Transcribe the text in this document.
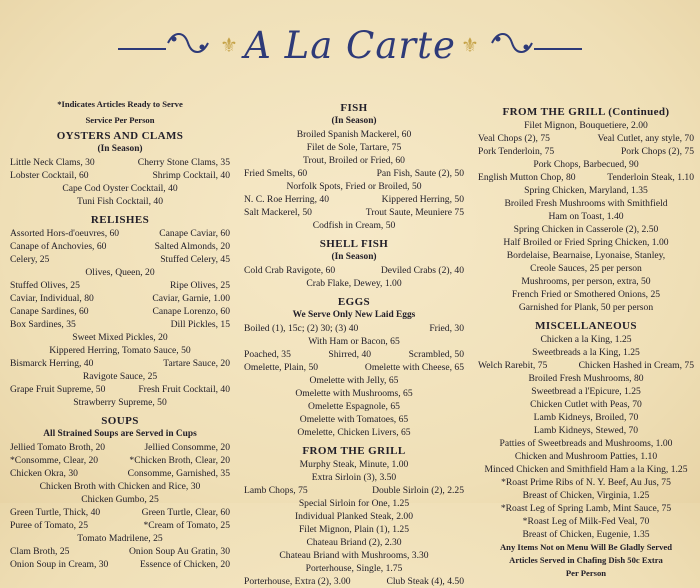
⚜ A La Carte ⚜
*Indicates Articles Ready to Serve
Service Per Person
OYSTERS AND CLAMS
(In Season)
Little Neck Clams, 30	Cherry Stone Clams, 35
Lobster Cocktail, 60	Shrimp Cocktail, 40
Cape Cod Oyster Cocktail, 40
Tuni Fish Cocktail, 40
RELISHES
Assorted Hors-d'oeuvres, 60	Canape Caviar, 60
Canape of Anchovies, 60	Salted Almonds, 20
Celery, 25	Stuffed Celery, 45
Olives, Queen, 20
Stuffed Olives, 25	Ripe Olives, 25
Caviar, Individual, 80	Caviar, Garnie, 1.00
Canape Sardines, 60	Canape Lorenzo, 60
Box Sardines, 35	Dill Pickles, 15
Sweet Mixed Pickles, 20
Kippered Herring, Tomato Sauce, 50
Bismarck Herring, 40	Tartare Sauce, 20
Ravigote Sauce, 25
Grape Fruit Supreme, 50	Fresh Fruit Cocktail, 40
Strawberry Supreme, 50
SOUPS
All Strained Soups are Served in Cups
Jellied Tomato Broth, 20	Jellied Consomme, 20
*Consomme, Clear, 20	*Chicken Broth, Clear, 20
Chicken Okra, 30	Consomme, Garnished, 35
Chicken Broth with Chicken and Rice, 30
Chicken Gumbo, 25
Green Turtle, Thick, 40	Green Turtle, Clear, 60
Puree of Tomato, 25	*Cream of Tomato, 25
Tomato Madrilene, 25
Clam Broth, 25	Onion Soup Au Gratin, 30
Onion Soup in Cream, 30	Essence of Chicken, 20
FISH
(In Season)
Broiled Spanish Mackerel, 60
Filet de Sole, Tartare, 75
Trout, Broiled or Fried, 60
Fried Smelts, 60	Pan Fish, Saute (2), 50
Norfolk Spots, Fried or Broiled, 50
N. C. Roe Herring, 40	Kippered Herring, 50
Salt Mackerel, 50	Trout Saute, Meuniere 75
Codfish in Cream, 50
SHELL FISH
(In Season)
Cold Crab Ravigote, 60	Deviled Crabs (2), 40
Crab Flake, Dewey, 1.00
EGGS
We Serve Only New Laid Eggs
Boiled (1), 15c; (2) 30; (3) 40	Fried, 30
With Ham or Bacon, 65
Poached, 35	Shirred, 40	Scrambled, 50
Omelette, Plain, 50	Omelette with Cheese, 65
Omelette with Jelly, 65
Omelette with Mushrooms, 65
Omelette Espagnole, 65
Omelette with Tomatoes, 65
Omelette, Chicken Livers, 65
FROM THE GRILL
Murphy Steak, Minute, 1.00
Extra Sirloin (3), 3.50
Lamb Chops, 75	Double Sirloin (2), 2.25
Special Sirloin for One, 1.25
Individual Planked Steak, 2.00
Filet Mignon, Plain (1), 1.25
Chateau Briand (2), 2.30
Chateau Briand with Mushrooms, 3.30
Porterhouse, Single, 1.75
Porterhouse, Extra (2), 3.00	Club Steak (4), 4.50
FROM THE GRILL (Continued)
Filet Mignon, Bouquetiere, 2.00
Veal Chops (2), 75	Veal Cutlet, any style, 70
Pork Tenderloin, 75	Pork Chops (2), 75
Pork Chops, Barbecued, 90
English Mutton Chop, 80	Tenderloin Steak, 1.10
Spring Chicken, Maryland, 1.35
Broiled Fresh Mushrooms with Smithfield
Ham on Toast, 1.40
Spring Chicken in Casserole (2), 2.50
Half Broiled or Fried Spring Chicken, 1.00
Bordelaise, Bearnaise, Lyonaise, Stanley,
Creole Sauces, 25 per person
Mushrooms, per person, extra, 50
French Fried or Smothered Onions, 25
Garnished for Plank, 50 per person
MISCELLANEOUS
Chicken a la King, 1.25
Sweetbreads a la King, 1.25
Welch Rarebit, 75	Chicken Hashed in Cream, 75
Broiled Fresh Mushrooms, 80
Sweetbread a l'Epicure, 1.25
Chicken Cutlet with Peas, 70
Lamb Kidneys, Broiled, 70
Lamb Kidneys, Stewed, 70
Patties of Sweetbreads and Mushrooms, 1.00
Chicken and Mushroom Patties, 1.10
Minced Chicken and Smithfield Ham a la King, 1.25
*Roast Prime Ribs of N. Y. Beef, Au Jus, 75
Breast of Chicken, Virginia, 1.25
*Roast Leg of Spring Lamb, Mint Sauce, 75
*Roast Leg of Milk-Fed Veal, 70
Breast of Chicken, Eugenie, 1.35
Any Items Not on Menu Will Be Gladly Served
Articles Served in Chafing Dish 50c Extra
Per Person
